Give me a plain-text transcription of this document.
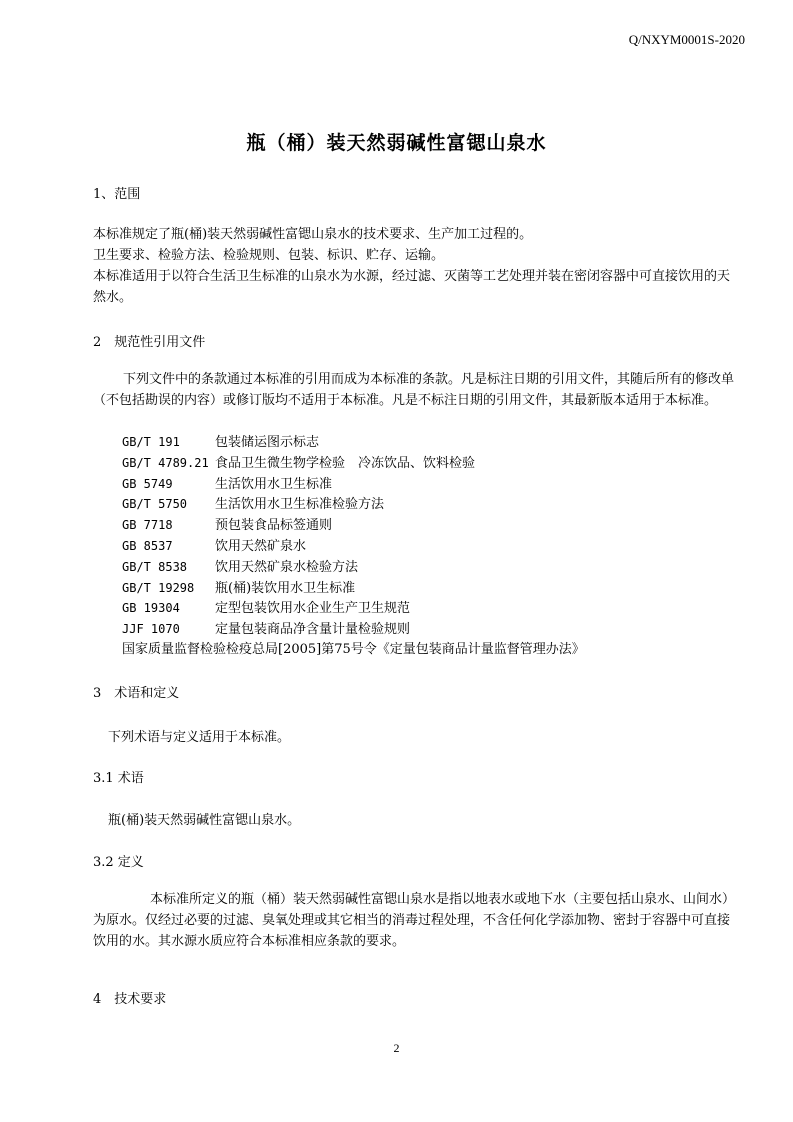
Q/NXYM0001S-2020
瓶（桶）装天然弱碱性富锶山泉水
1、范围
本标准规定了瓶(桶)装天然弱碱性富锶山泉水的技术要求、生产加工过程的。
卫生要求、检验方法、检验规则、包装、标识、贮存、运输。
本标准适用于以符合生活卫生标准的山泉水为水源，经过滤、灭菌等工艺处理并装在密闭容器中可直接饮用的天然水。
2　规范性引用文件

下列文件中的条款通过本标准的引用而成为本标准的条款。凡是标注日期的引用文件，其随后所有的修改单（不包括勘误的内容）或修订版均不适用于本标准。凡是不标注日期的引用文件，其最新版本适用于本标准。

GB/T 191	包装储运图示标志
GB/T 4789.21 食品卫生微生物学检验　冷冻饮品、饮料检验
GB 5749	生活饮用水卫生标准
GB/T 5750 生活饮用水卫生标准检验方法
GB 7718	预包装食品标签通则
GB 8537	饮用天然矿泉水
GB/T 8538 饮用天然矿泉水检验方法
GB/T 19298 瓶(桶)装饮用水卫生标准
GB 19304	定型包装饮用水企业生产卫生规范
JJF 1070	定量包装商品净含量计量检验规则
国家质量监督检验检疫总局[2005]第75号令《定量包装商品计量监督管理办法》
3　术语和定义
下列术语与定义适用于本标准。
3.1 术语
瓶(桶)装天然弱碱性富锶山泉水。
3.2 定义

本标准所定义的瓶（桶）装天然弱碱性富锶山泉水是指以地表水或地下水（主要包括山泉水、山间水）为原水。仅经过必要的过滤、臭氧处理或其它相当的消毒过程处理，不含任何化学添加物、密封于容器中可直接饮用的水。其水源水质应符合本标准相应条款的要求。

4　技术要求
2
